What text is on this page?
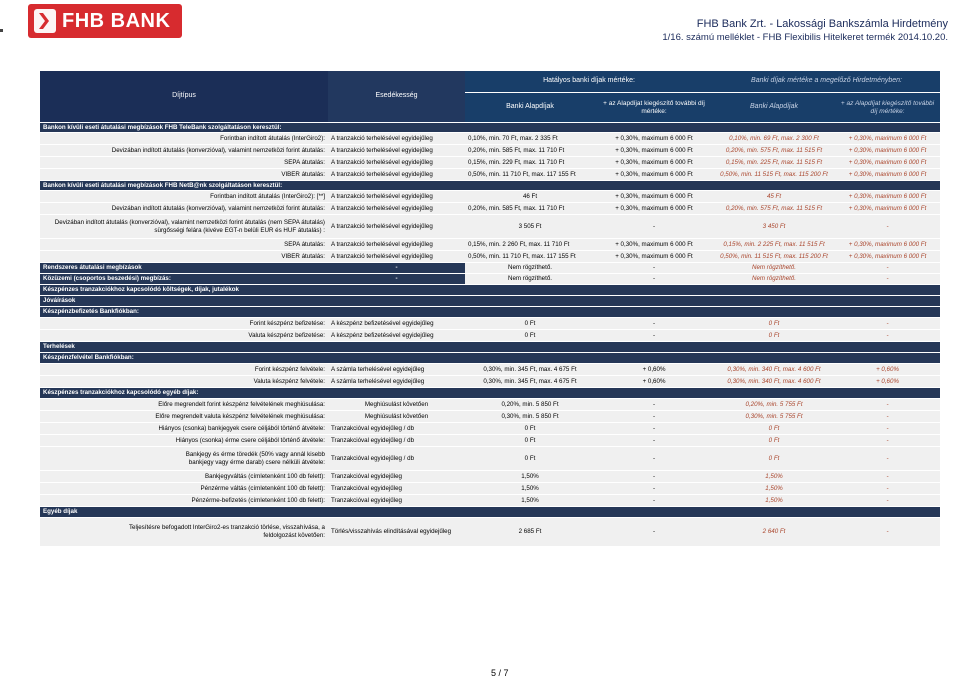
FHB BANK	FHB Bank Zrt. - Lakossági Bankszámla Hirdetmény
1/16. számú melléklet - FHB Flexibilis Hitelkeret termék 2014.10.20.
Díjtípus	Esedékesség	Hatályos banki díjak mértéke:		Banki díjak mértéke a megelőző Hirdetményben:	
		Banki Alapdíjak	+ az Alapdíjat kiegészítő további díj mértéke:	Banki Alapdíjak	+ az Alapdíjat kiegészítő további díj mértéke:
Bankon kívüli eseti átutalási megbízások FHB TeleBank szolgáltatáson keresztül:					
Forintban indított átutalás (InterGiro2):	A tranzakció terhelésével egyidejűleg	0,10%, min. 70 Ft, max. 2 335 Ft	+ 0,30%, maximum 6 000 Ft	0,10%, min. 69 Ft, max. 2 300 Ft	+ 0,30%, maximum 6 000 Ft
Devizában indított átutalás (konverzióval), valamint nemzetközi forint átutalás:	A tranzakció terhelésével egyidejűleg	0,20%, min. 585 Ft, max. 11 710 Ft	+ 0,30%, maximum 6 000 Ft	0,20%, min. 575 Ft, max. 11 515 Ft	+ 0,30%, maximum 6 000 Ft
SEPA átutalás:	A tranzakció terhelésével egyidejűleg	0,15%, min. 229 Ft, max. 11 710 Ft	+ 0,30%, maximum 6 000 Ft	0,15%, min. 225 Ft, max. 11 515 Ft	+ 0,30%, maximum 6 000 Ft
VIBER átutalás:	A tranzakció terhelésével egyidejűleg	0,50%, min. 11 710 Ft, max. 117 155 Ft	+ 0,30%, maximum 6 000 Ft	0,50%, min. 11 515 Ft, max. 115 200 Ft	+ 0,30%, maximum 6 000 Ft
Bankon kívüli eseti átutalási megbízások FHB NetB@nk szolgáltatáson keresztül:					
Forintban indított átutalás (InterGiro2): [**]	A tranzakció terhelésével egyidejűleg	46 Ft	+ 0,30%, maximum 6 000 Ft	45 Ft	+ 0,30%, maximum 6 000 Ft
Devizában indított átutalás (konverzióval), valamint nemzetközi forint átutalás:	A tranzakció terhelésével egyidejűleg	0,20%, min. 585 Ft, max. 11 710 Ft	+ 0,30%, maximum 6 000 Ft	0,20%, min. 575 Ft, max. 11 515 Ft	+ 0,30%, maximum 6 000 Ft
Devizában indított átutalás (konverzióval), valamint nemzetközi forint átutalás (nem SEPA átutalás) sürgősségi felára (kivéve EGT-n belüli EUR és HUF átutalás) :	A tranzakció terhelésével egyidejűleg	3 505 Ft	-	3 450 Ft	-
SEPA átutalás:	A tranzakció terhelésével egyidejűleg	0,15%, min. 2 260 Ft, max. 11 710 Ft	+ 0,30%, maximum 6 000 Ft	0,15%, min. 2 225 Ft, max. 11 515 Ft	+ 0,30%, maximum 6 000 Ft
VIBER átutalás:	A tranzakció terhelésével egyidejűleg	0,50%, min. 11 710 Ft, max. 117 155 Ft	+ 0,30%, maximum 6 000 Ft	0,50%, min. 11 515 Ft, max. 115 200 Ft	+ 0,30%, maximum 6 000 Ft
Rendszeres átutalási megbízások	-	Nem rögzíthető.	-	Nem rögzíthető.	-
Közüzemi (csoportos beszedési) megbízás:	-	Nem rögzíthető.	-	Nem rögzíthető.	-
Készpénzes tranzakciókhoz kapcsolódó költségek, díjak, jutalékok					
Jóváírások					
Készpénzbefizetés Bankfiókban:					
Forint készpénz befizetése:	A készpénz befizetésével egyidejűleg	0 Ft	-	0 Ft	-
Valuta készpénz befizetése:	A készpénz befizetésével egyidejűleg	0 Ft	-	0 Ft	-
Terhelések					
Készpénzfelvétel Bankfiókban:					
Forint készpénz felvétele:	A számla terhelésével egyidejűleg	0,30%, min. 345 Ft, max. 4 675 Ft	+ 0,60%	0,30%, min. 340 Ft, max. 4 600 Ft	+ 0,60%
Valuta készpénz felvétele:	A számla terhelésével egyidejűleg	0,30%, min. 345 Ft, max. 4 675 Ft	+ 0,60%	0,30%, min. 340 Ft, max. 4 600 Ft	+ 0,60%
Készpénzes tranzakciókhoz kapcsolódó egyéb díjak:					
Előre megrendelt forint készpénz felvételének meghiúsulása:	Meghiúsulást követően	0,20%, min. 5 850 Ft	-	0,20%, min. 5 755 Ft	-
Előre megrendelt valuta készpénz felvételének meghiúsulása:	Meghiúsulást követően	0,30%, min. 5 850 Ft	-	0,30%, min. 5 755 Ft	-
Hiányos (csonka) bankjegyek csere céljából történő átvétele:	Tranzakcióval egyidejűleg / db	0 Ft	-	0 Ft	-
Hiányos (csonka) érme csere céljából történő átvétele:	Tranzakcióval egyidejűleg / db	0 Ft	-	0 Ft	-
Bankjegy és érme töredék (50% vagy annál kisebb bankjegy vagy érme darab) csere nélküli átvétele:	Tranzakcióval egyidejűleg / db	0 Ft	-	0 Ft	-
Bankjegyváltás (címletenként 100 db felett):	Tranzakcióval egyidejűleg	1,50%	-	1,50%	-
Pénzérme váltás (címletenként 100 db felett):	Tranzakcióval egyidejűleg	1,50%	-	1,50%	-
Pénzérme-befizetés (címletenként 100 db felett):	Tranzakcióval egyidejűleg	1,50%	-	1,50%	-
Egyéb díjak					
Teljesítésre befogadott InterGiro2-es tranzakció törlése, visszahívása, a feldolgozást követően:	Törlés/visszahívás elindításával egyidejűleg	2 685 Ft	-	2 640 Ft	-
5 / 7
